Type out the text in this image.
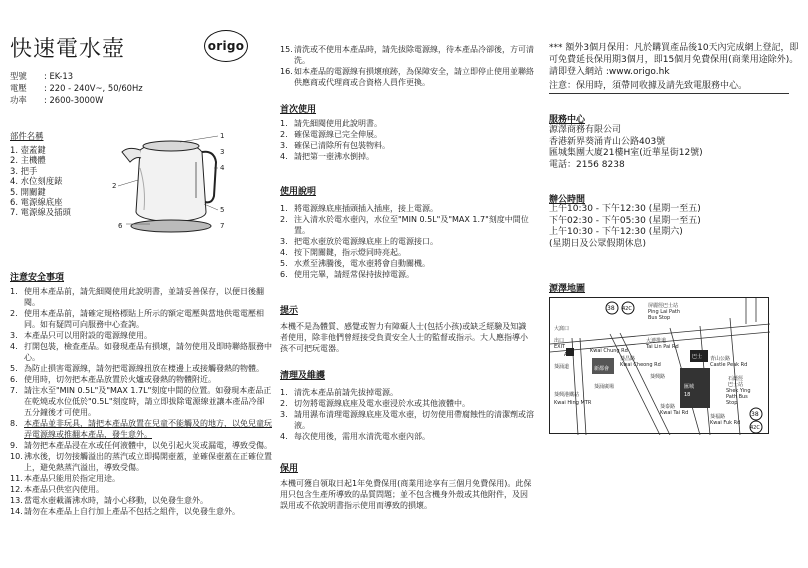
快速電水壺	origo
型號	: EK-13
電壓	: 220 - 240V~, 50/60Hz
功率	: 2600-3000W
部件名稱
1. 壺蓋鍵
2. 主機體
3. 把手
4. 水位刻度錶
5. 開關鍵
6. 電源線底座
7. 電源線及插頭
1
2
3
4
5
6	7
注意安全事項
1. 使用本產品前，請先細閱使用此說明書，並請妥善保存，以便日後翻閱。
2. 使用本產品前，請確定規格標貼上所示的額定電壓與當地供電電壓相同。如有疑問可向服務中心查詢。
3. 本產品只可以用附設的電源線使用。
4. 打開包裝，檢查產品。如發現產品有損壞，請勿使用及即時聯絡服務中心。
5. 為防止損害電源線，請勿把電源線扭放在棲邊上或接觸發熱的物體。
6. 使用時，切勿把本產品放置於火爐或發熱的物體附近。
7. 請注水至"MIN 0.5L"及"MAX 1.7L"刻度中間的位置。如發現本產品正在乾燒或水位低於"0.5L"刻度時，請立即拔除電源線並讓本產品冷卻五分鐘後才可使用。
8. 本產品並非玩具，請把本產品放置在兒童不能觸及的地方，以免兒童玩弄電源線或推翻本產品，發生意外。
9. 請勿把本產品浸在水或任何液體中，以免引起火災或漏電，導致受傷。
10. 沸水後，切勿接觸溢出的蒸汽或立即揭開壺蓋，並確保壺蓋在正確位置上，避免熱蒸汽溢出，導致受傷。
11. 本產品只能用於指定用途。
12. 本產品只供室內使用。
13. 當電水壺載滿沸水時，請小心移動，以免發生意外。
14. 請勿在本產品上自行加上產品不包括之組件，以免發生意外。
15. 清洗或不使用本產品時，請先拔除電源線，待本產品冷卻後，方可清洗。
16. 如本產品的電源線有損壞痕跡，為保障安全，請立即停止使用並聯絡供應商或代理商或合資格人員作更換。
首次使用
1. 請先細閱使用此說明書。
2. 確保電源線已完全伸展。
3. 確保已清除所有包裝物料。
4. 請把第一壺沸水倒掉。
使用說明
1. 將電源線底座插頭插入插座，接上電源。
2. 注入清水於電水壺內，水位至"MIN 0.5L"及"MAX 1.7"刻度中間位置。
3. 把電水壺放於電源線底座上的電源接口。
4. 按下開關鍵，指示燈同時亮起。
5. 水煮至沸騰後，電水壺將會自動關機。
6. 使用完畢，請經常保持拔掉電源。
提示
本機不是為體質、感覺或智力有障礙人士(包括小孩)或缺乏經驗及知識者使用，除非他們曾經接受負責安全人士的監督或指示。大人應指導小孩不可把玩電器。
清理及維護
1. 清洗本產品前請先拔掉電源。
2. 切勿將電源線底座及電水壺浸於水或其他液體中。
3. 請用濕布清理電源線底座及電水壺，切勿使用帶腐蝕性的清潔劑或溶液。
4. 每次使用後，需用水清洗電水壺內部。
保用
本機可獲自領取日起1年免費保用(商業用途享有三個月免費保用)。此保用只包含生產所導致的品質問題；並不包含機身外殼或其他附件，及因誤用或不依說明書指示使用而導致的損壞。
*** 額外3個月保用：凡於購買產品後10天內完成網上登記，即可免費延長保用期3個月，即15個月免費保用(商業用途除外)。請即登入網站 :www.origo.hk
注意：保用時，須帶同收據及請先致電服務中心。
服務中心
源澤商務有限公司
香港新界葵涌青山公路403號
匯城集團大廈21樓H室(近華星街12號)
電話：2156 8238
辦公時間
上午10:30 - 下午12:30 (星期一至五)
下午02:30 - 下午05:30 (星期一至五)
上午10:30 - 下午12:30 (星期六)
(星期日及公眾假期休息)
源澤地圖
屏麗徑巴士站
Ping Lai Path
Bus Stop
大窩口
出口
EXIT
A
葵涌道
Kwai Chung Rd
葵興港鐵站
Kwai Hing MTR
葵昌路
Kwai Cheong Rd
石蔭徑
巴士站
Shek Ying
Path Bus
Stop
葵興路
青山公路
Castle Peak Rd
新都會
葵涌廣場
巴士
匯城
18
大連排道
Tai Lin Pai Rd
葵泰路
Kwai Tai Rd
葵福路
Kwai Fuk Rd
38 42C
38
42C
